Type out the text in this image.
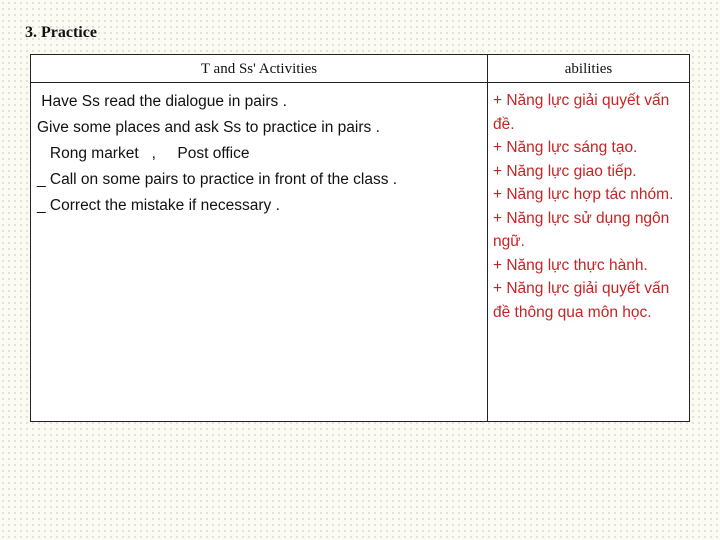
3. Practice
T and Ss' Activities	abilities
Have Ss read the dialogue in pairs .
Give some places and ask Ss to practice in pairs .
Rong market   ,     Post office
_ Call on some pairs to practice in front of the class .
_ Correct the mistake if necessary .
+ Năng lực giải quyết vấn đề.
+ Năng lực sáng tạo.
+ Năng lực giao tiếp.
+ Năng lực hợp tác nhóm.
+ Năng lực sử dụng ngôn ngữ.
+ Năng lực thực hành.
+ Năng lực giải quyết vấn đề thông qua môn học.
